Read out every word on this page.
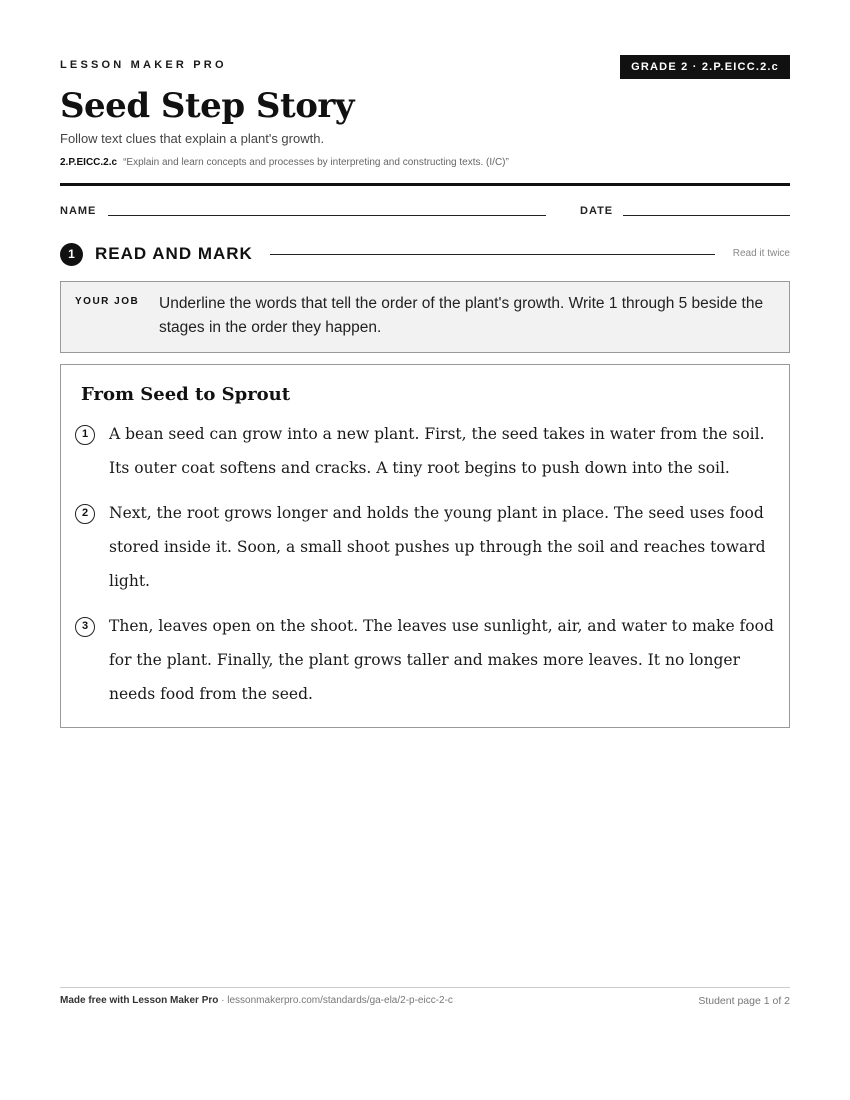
LESSON MAKER PRO	GRADE 2 · 2.P.EICC.2.c
Seed Step Story
Follow text clues that explain a plant's growth.
2.P.EICC.2.c “Explain and learn concepts and processes by interpreting and constructing texts. (I/C)”
NAME	DATE
1	READ AND MARK	Read it twice
YOUR JOB Underline the words that tell the order of the plant's growth. Write 1 through 5 beside the stages in the order they happen.
From Seed to Sprout
1	A bean seed can grow into a new plant. First, the seed takes in water from the soil. Its outer coat softens and cracks. A tiny root begins to push down into the soil.
2	Next, the root grows longer and holds the young plant in place. The seed uses food stored inside it. Soon, a small shoot pushes up through the soil and reaches toward light.
3	Then, leaves open on the shoot. The leaves use sunlight, air, and water to make food for the plant. Finally, the plant grows taller and makes more leaves. It no longer needs food from the seed.
Made free with Lesson Maker Pro · lessonmakerpro.com/standards/ga-ela/2-p-eicc-2-c	Student page 1 of 2
